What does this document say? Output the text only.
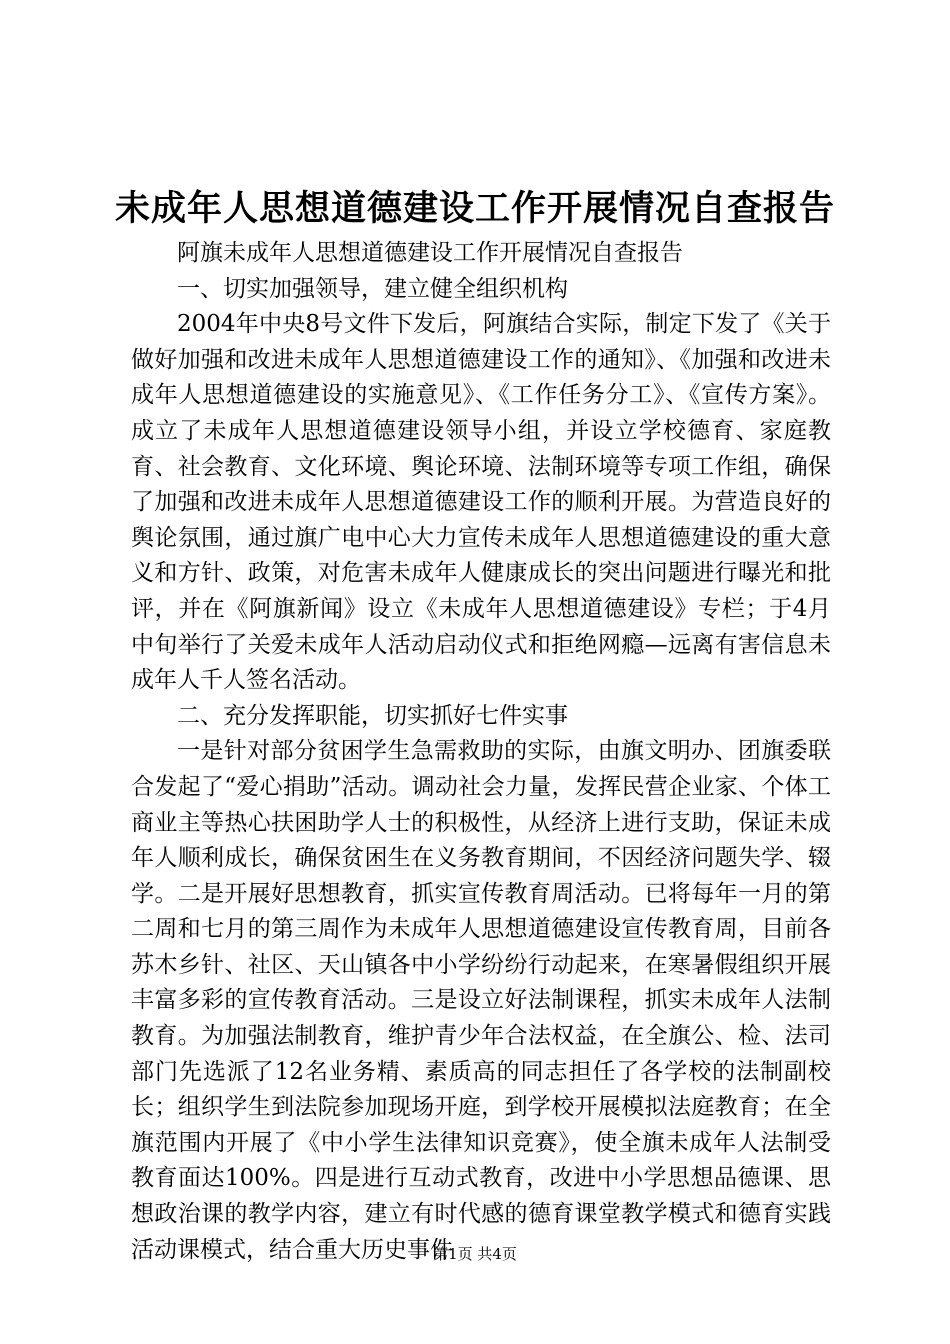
未成年人思想道德建设工作开展情况自查报告

阿旗未成年人思想道德建设工作开展情况自查报告

一、切实加强领导，建立健全组织机构

2004年中央8号文件下发后，阿旗结合实际，制定下发了《关于做好加强和改进未成年人思想道德建设工作的通知》、《加强和改进未成年人思想道德建设的实施意见》、《工作任务分工》、《宣传方案》。成立了未成年人思想道德建设领导小组，并设立学校德育、家庭教育、社会教育、文化环境、舆论环境、法制环境等专项工作组，确保了加强和改进未成年人思想道德建设工作的顺利开展。为营造良好的舆论氛围，通过旗广电中心大力宣传未成年人思想道德建设的重大意义和方针、政策，对危害未成年人健康成长的突出问题进行曝光和批评，并在《阿旗新闻》设立《未成年人思想道德建设》专栏；于4月中旬举行了关爱未成年人活动启动仪式和拒绝网瘾—远离有害信息未成年人千人签名活动。

二、充分发挥职能，切实抓好七件实事

一是针对部分贫困学生急需救助的实际，由旗文明办、团旗委联合发起了“爱心捐助”活动。调动社会力量，发挥民营企业家、个体工商业主等热心扶困助学人士的积极性，从经济上进行支助，保证未成年人顺利成长，确保贫困生在义务教育期间，不因经济问题失学、辍学。二是开展好思想教育，抓实宣传教育周活动。已将每年一月的第二周和七月的第三周作为未成年人思想道德建设宣传教育周，目前各苏木乡针、社区、天山镇各中小学纷纷行动起来，在寒暑假组织开展丰富多彩的宣传教育活动。三是设立好法制课程，抓实未成年人法制教育。为加强法制教育，维护青少年合法权益，在全旗公、检、法司部门先选派了12名业务精、素质高的同志担任了各学校的法制副校长；组织学生到法院参加现场开庭，到学校开展模拟法庭教育；在全旗范围内开展了《中小学生法律知识竞赛》，使全旗未成年人法制受教育面达100%。四是进行互动式教育，改进中小学思想品德课、思想政治课的教学内容，建立有时代感的德育课堂教学模式和德育实践活动课模式，结合重大历史事件

第1页 共4页
